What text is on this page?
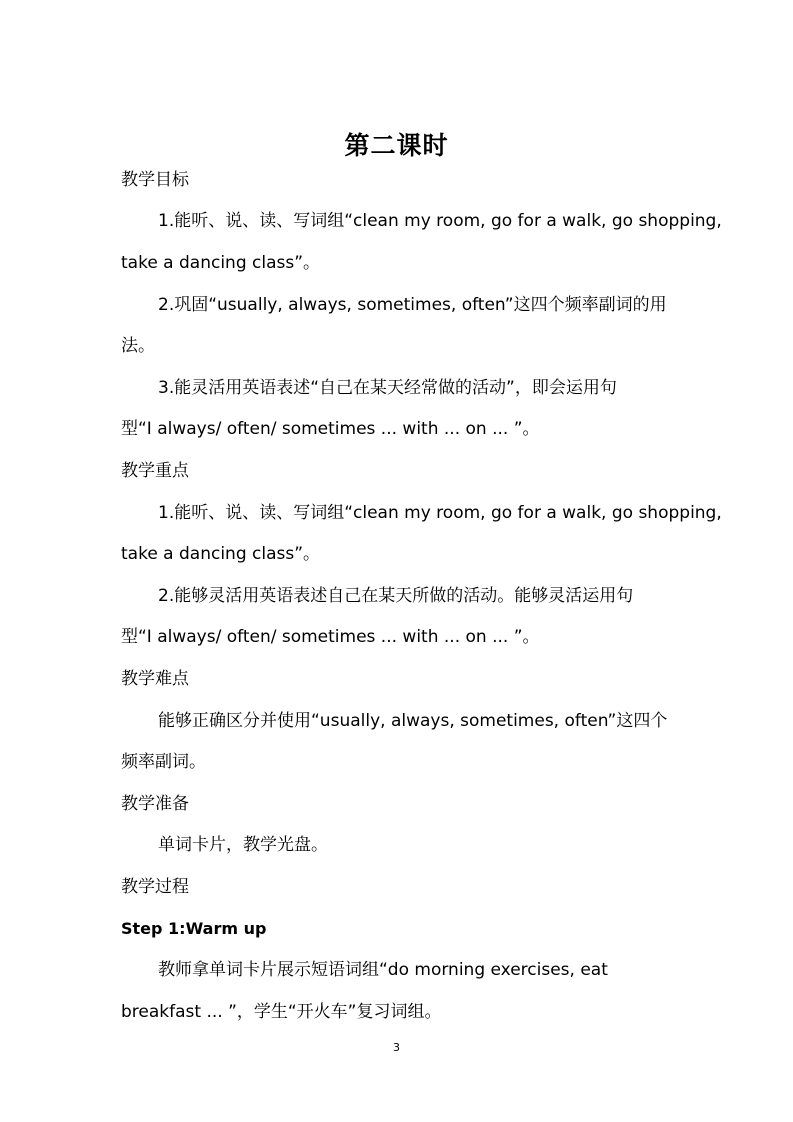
第二课时
教学目标
1.能听、说、读、写词组“clean my room, go for a walk, go shopping,
take a dancing class”。
2.巩固“usually, always, sometimes, often”这四个频率副词的用
法。
3.能灵活用英语表述“自己在某天经常做的活动”，即会运用句
型“I always/ often/ sometimes ... with ... on ... ”。
教学重点
1.能听、说、读、写词组“clean my room, go for a walk, go shopping,
take a dancing class”。
2.能够灵活用英语表述自己在某天所做的活动。能够灵活运用句
型“I always/ often/ sometimes ... with ... on ... ”。
教学难点
能够正确区分并使用“usually, always, sometimes, often”这四个
频率副词。
教学准备
单词卡片，教学光盘。
教学过程
Step 1:Warm up
教师拿单词卡片展示短语词组“do morning exercises, eat
breakfast ... ”，学生“开火车”复习词组。
3
